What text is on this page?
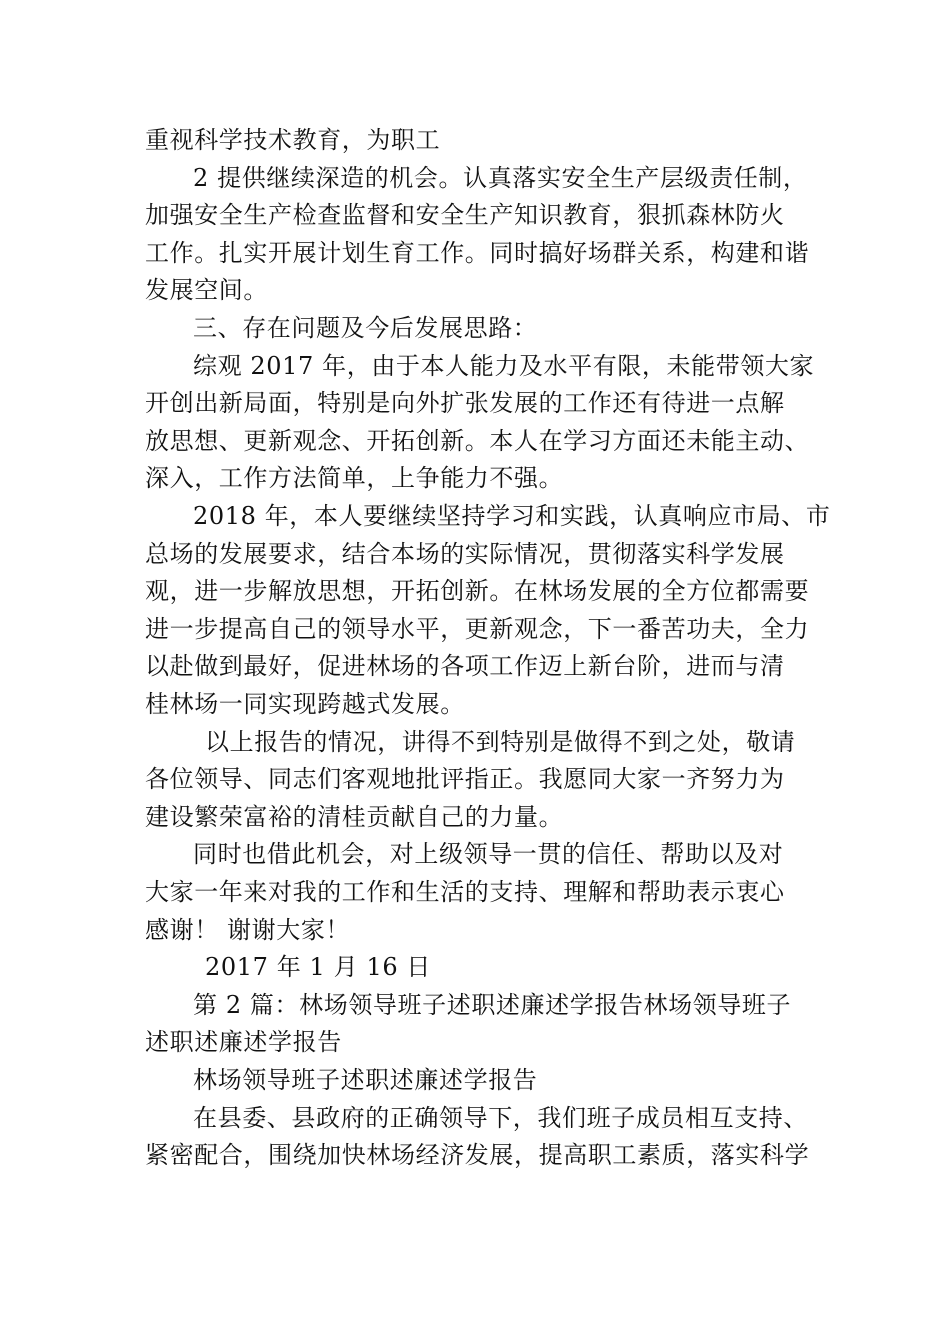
重视科学技术教育，为职工
2 提供继续深造的机会。认真落实安全生产层级责任制，
加强安全生产检查监督和安全生产知识教育，狠抓森林防火
工作。扎实开展计划生育工作。同时搞好场群关系，构建和谐
发展空间。
三、存在问题及今后发展思路：
综观 2017 年，由于本人能力及水平有限，未能带领大家
开创出新局面，特别是向外扩张发展的工作还有待进一点解
放思想、更新观念、开拓创新。本人在学习方面还未能主动、
深入，工作方法简单，上争能力不强。
2018 年，本人要继续坚持学习和实践，认真响应市局、市
总场的发展要求，结合本场的实际情况，贯彻落实科学发展
观，进一步解放思想，开拓创新。在林场发展的全方位都需要
进一步提高自己的领导水平，更新观念，下一番苦功夫，全力
以赴做到最好，促进林场的各项工作迈上新台阶，进而与清
桂林场一同实现跨越式发展。
以上报告的情况，讲得不到特别是做得不到之处，敬请
各位领导、同志们客观地批评指正。我愿同大家一齐努力为
建设繁荣富裕的清桂贡献自己的力量。
同时也借此机会，对上级领导一贯的信任、帮助以及对
大家一年来对我的工作和生活的支持、理解和帮助表示衷心
感谢！ 谢谢大家！
2017 年 1 月 16 日
第 2 篇：林场领导班子述职述廉述学报告林场领导班子
述职述廉述学报告
林场领导班子述职述廉述学报告
在县委、县政府的正确领导下，我们班子成员相互支持、
紧密配合，围绕加快林场经济发展，提高职工素质，落实科学
